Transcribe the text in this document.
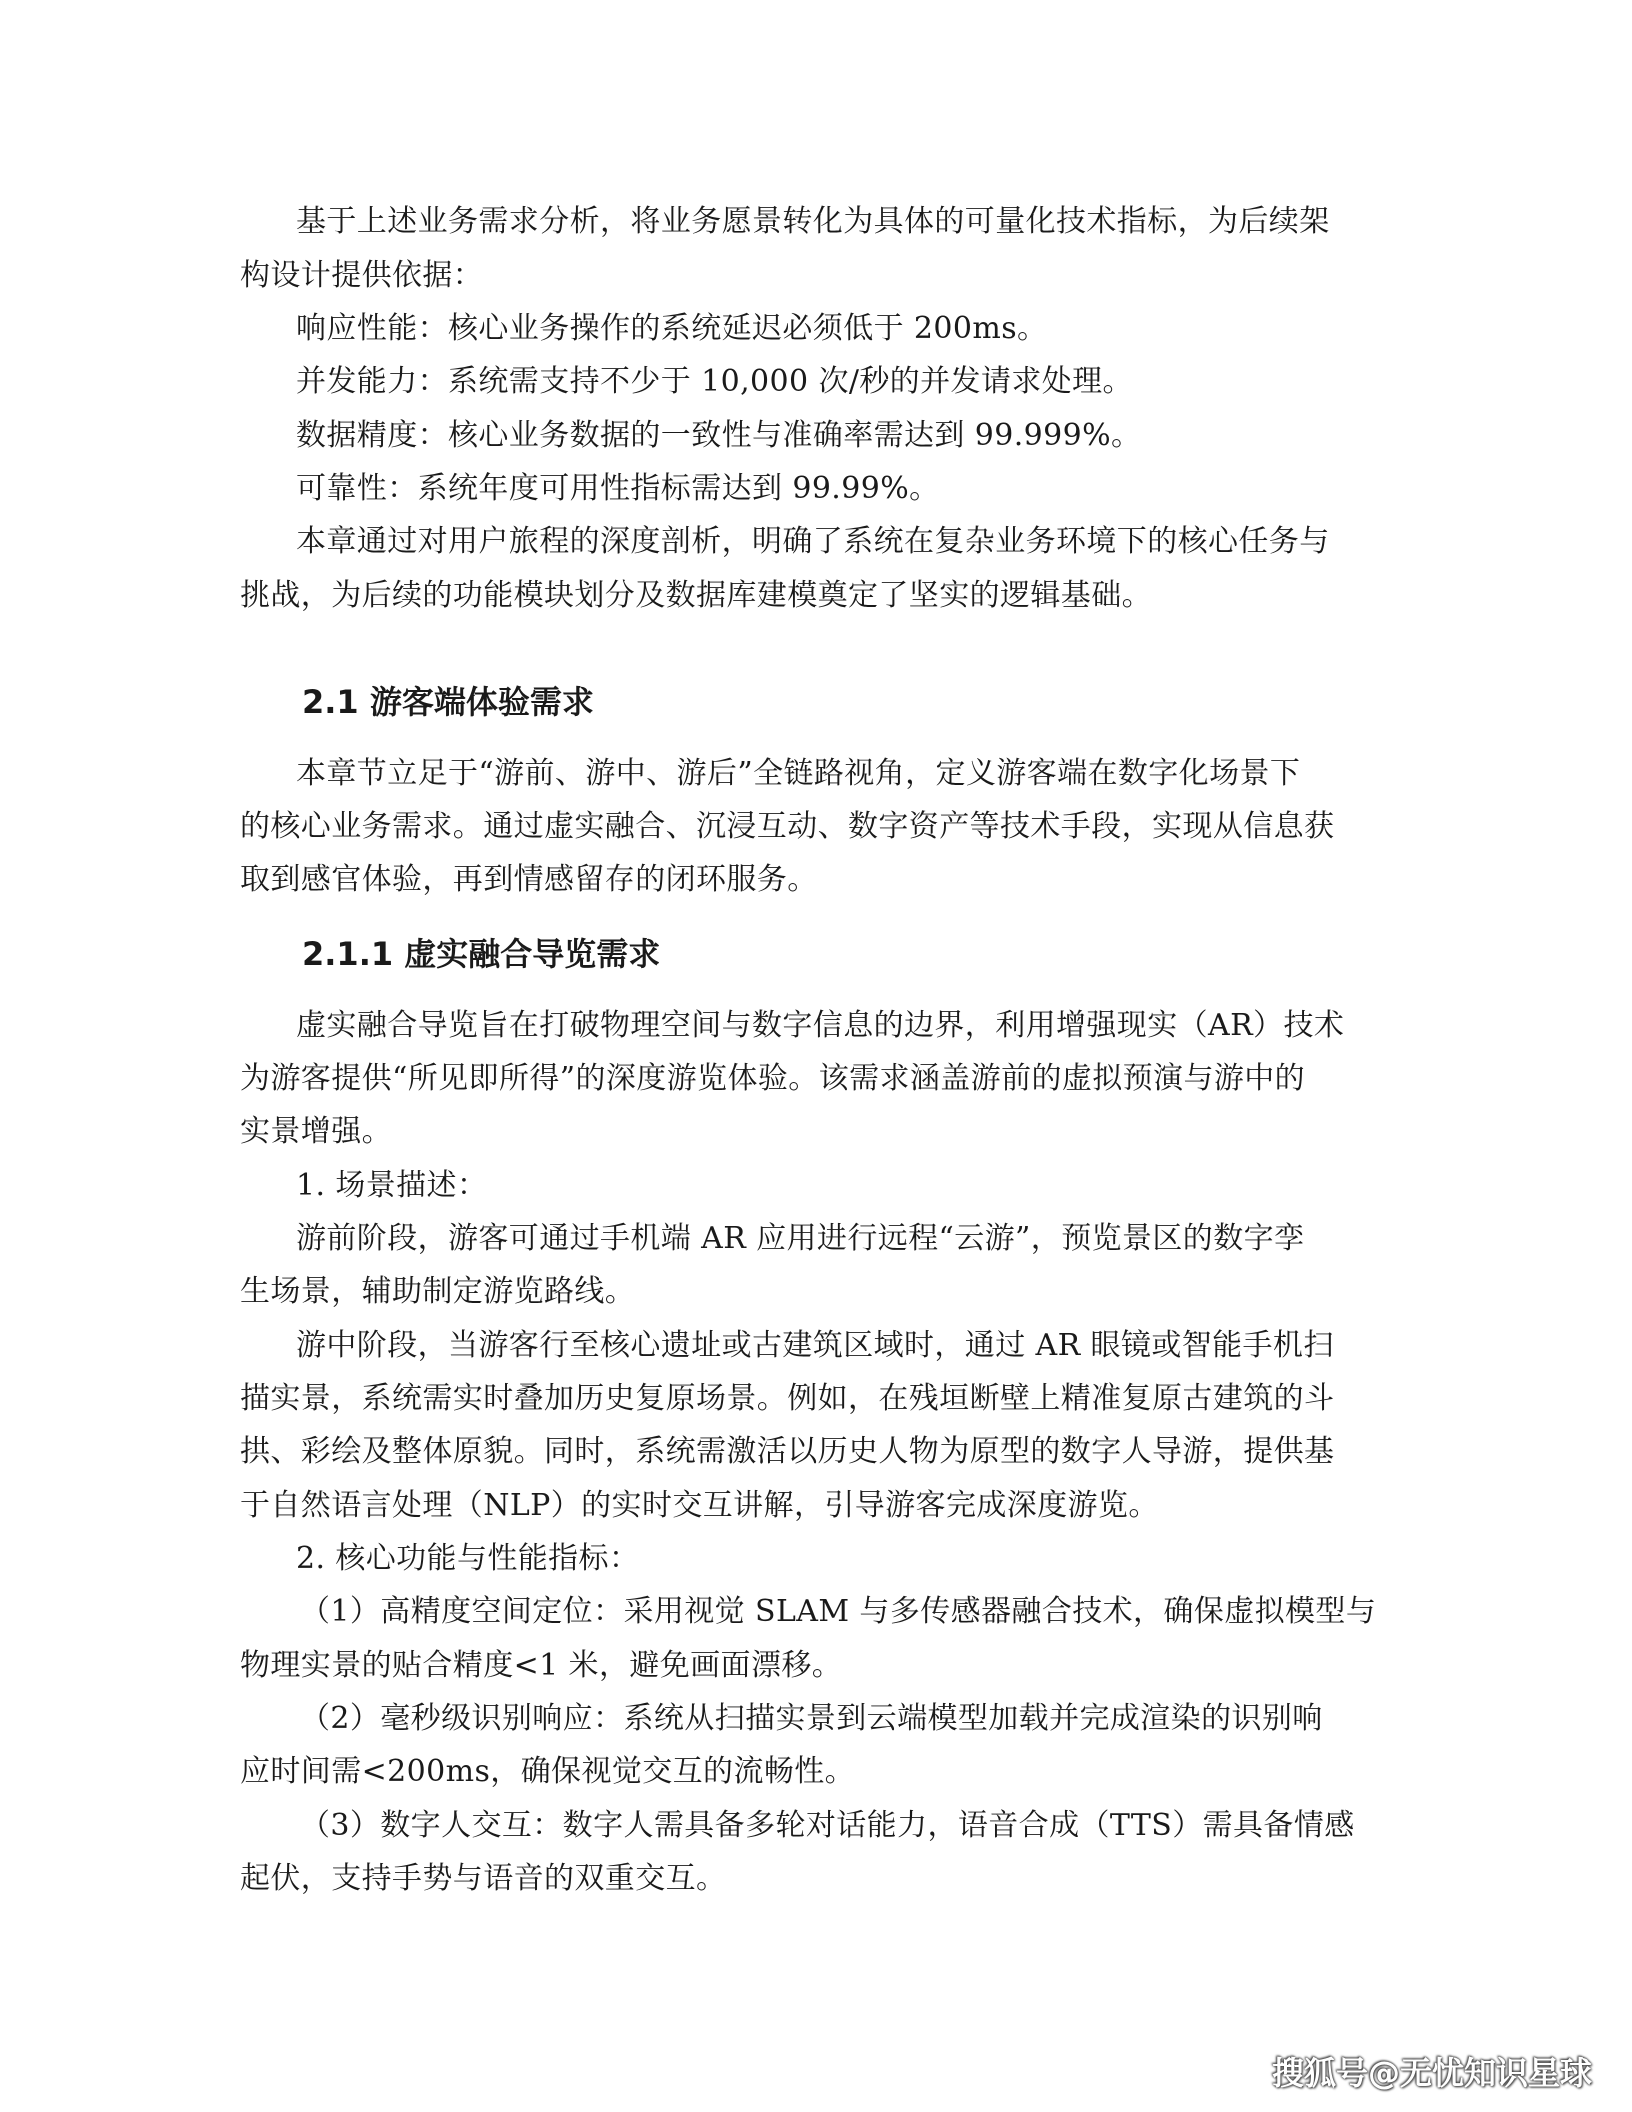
基于上述业务需求分析，将业务愿景转化为具体的可量化技术指标，为后续架
构设计提供依据：
响应性能：核心业务操作的系统延迟必须低于 200ms。
并发能力：系统需支持不少于 10,000 次/秒的并发请求处理。
数据精度：核心业务数据的一致性与准确率需达到 99.999%。
可靠性：系统年度可用性指标需达到 99.99%。
本章通过对用户旅程的深度剖析，明确了系统在复杂业务环境下的核心任务与
挑战，为后续的功能模块划分及数据库建模奠定了坚实的逻辑基础。
2.1 游客端体验需求
本章节立足于“游前、游中、游后”全链路视角，定义游客端在数字化场景下
的核心业务需求。通过虚实融合、沉浸互动、数字资产等技术手段，实现从信息获
取到感官体验，再到情感留存的闭环服务。
2.1.1 虚实融合导览需求
虚实融合导览旨在打破物理空间与数字信息的边界，利用增强现实（AR）技术
为游客提供“所见即所得”的深度游览体验。该需求涵盖游前的虚拟预演与游中的
实景增强。
1. 场景描述：
游前阶段，游客可通过手机端 AR 应用进行远程“云游”，预览景区的数字孪
生场景，辅助制定游览路线。
游中阶段，当游客行至核心遗址或古建筑区域时，通过 AR 眼镜或智能手机扫
描实景，系统需实时叠加历史复原场景。例如，在残垣断壁上精准复原古建筑的斗
拱、彩绘及整体原貌。同时，系统需激活以历史人物为原型的数字人导游，提供基
于自然语言处理（NLP）的实时交互讲解，引导游客完成深度游览。
2. 核心功能与性能指标：
（1）高精度空间定位：采用视觉 SLAM 与多传感器融合技术，确保虚拟模型与
物理实景的贴合精度<1 米，避免画面漂移。
（2）毫秒级识别响应：系统从扫描实景到云端模型加载并完成渲染的识别响
应时间需<200ms，确保视觉交互的流畅性。
（3）数字人交互：数字人需具备多轮对话能力，语音合成（TTS）需具备情感
起伏，支持手势与语音的双重交互。
搜狐号@无忧知识星球
